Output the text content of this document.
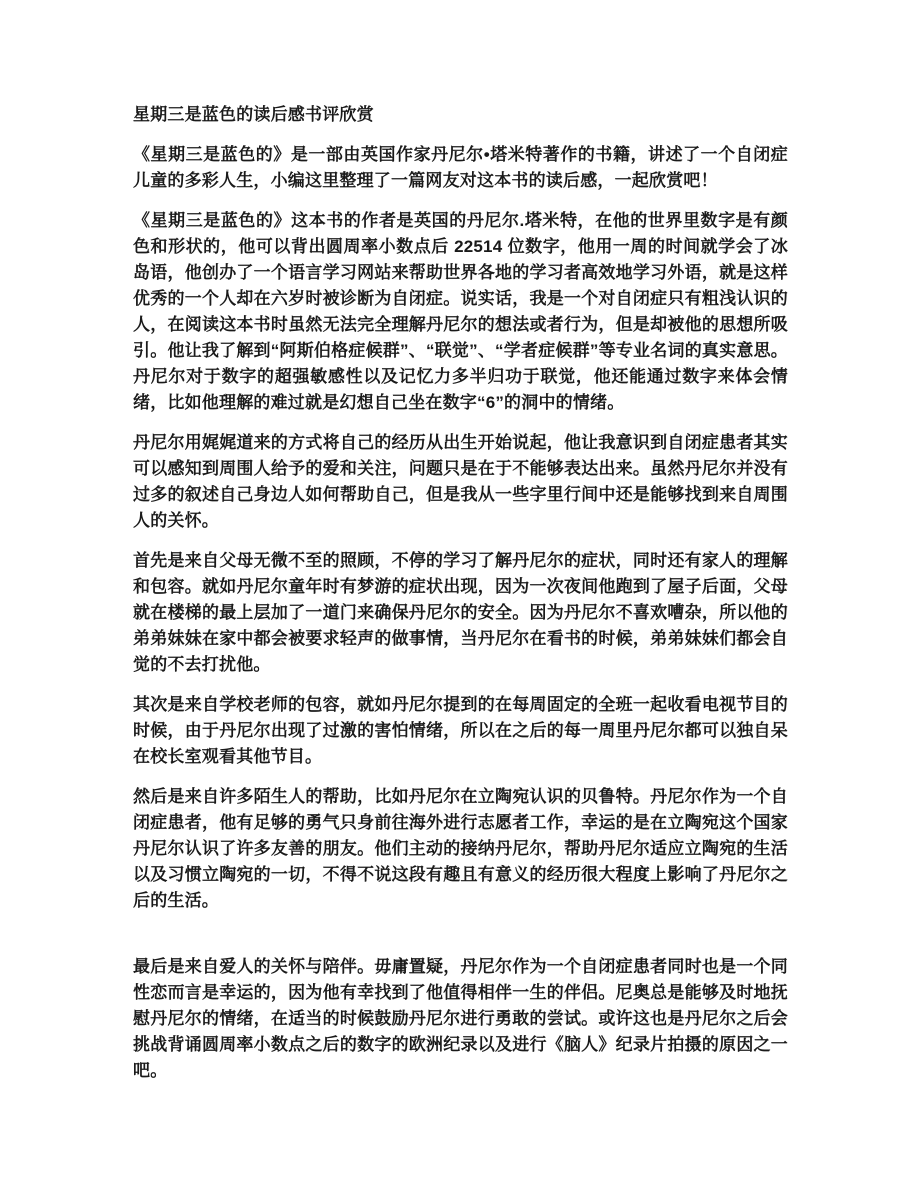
星期三是蓝色的读后感书评欣赏

《星期三是蓝色的》是一部由英国作家丹尼尔•塔米特著作的书籍，讲述了一个自闭症儿童的多彩人生，小编这里整理了一篇网友对这本书的读后感，一起欣赏吧！

《星期三是蓝色的》这本书的作者是英国的丹尼尔.塔米特，在他的世界里数字是有颜色和形状的，他可以背出圆周率小数点后 22514 位数字，他用一周的时间就学会了冰岛语，他创办了一个语言学习网站来帮助世界各地的学习者高效地学习外语，就是这样优秀的一个人却在六岁时被诊断为自闭症。说实话，我是一个对自闭症只有粗浅认识的人，在阅读这本书时虽然无法完全理解丹尼尔的想法或者行为，但是却被他的思想所吸引。他让我了解到“阿斯伯格症候群”、“联觉”、“学者症候群”等专业名词的真实意思。丹尼尔对于数字的超强敏感性以及记忆力多半归功于联觉，他还能通过数字来体会情绪，比如他理解的难过就是幻想自己坐在数字“6”的洞中的情绪。

丹尼尔用娓娓道来的方式将自己的经历从出生开始说起，他让我意识到自闭症患者其实可以感知到周围人给予的爱和关注，问题只是在于不能够表达出来。虽然丹尼尔并没有过多的叙述自己身边人如何帮助自己，但是我从一些字里行间中还是能够找到来自周围人的关怀。

首先是来自父母无微不至的照顾，不停的学习了解丹尼尔的症状，同时还有家人的理解和包容。就如丹尼尔童年时有梦游的症状出现，因为一次夜间他跑到了屋子后面，父母就在楼梯的最上层加了一道门来确保丹尼尔的安全。因为丹尼尔不喜欢嘈杂，所以他的弟弟妹妹在家中都会被要求轻声的做事情，当丹尼尔在看书的时候，弟弟妹妹们都会自觉的不去打扰他。

其次是来自学校老师的包容，就如丹尼尔提到的在每周固定的全班一起收看电视节目的时候，由于丹尼尔出现了过激的害怕情绪，所以在之后的每一周里丹尼尔都可以独自呆在校长室观看其他节目。

然后是来自许多陌生人的帮助，比如丹尼尔在立陶宛认识的贝鲁特。丹尼尔作为一个自闭症患者，他有足够的勇气只身前往海外进行志愿者工作，幸运的是在立陶宛这个国家丹尼尔认识了许多友善的朋友。他们主动的接纳丹尼尔，帮助丹尼尔适应立陶宛的生活以及习惯立陶宛的一切，不得不说这段有趣且有意义的经历很大程度上影响了丹尼尔之后的生活。

最后是来自爱人的关怀与陪伴。毋庸置疑，丹尼尔作为一个自闭症患者同时也是一个同性恋而言是幸运的，因为他有幸找到了他值得相伴一生的伴侣。尼奥总是能够及时地抚慰丹尼尔的情绪，在适当的时候鼓励丹尼尔进行勇敢的尝试。或许这也是丹尼尔之后会挑战背诵圆周率小数点之后的数字的欧洲纪录以及进行《脑人》纪录片拍摄的原因之一吧。
